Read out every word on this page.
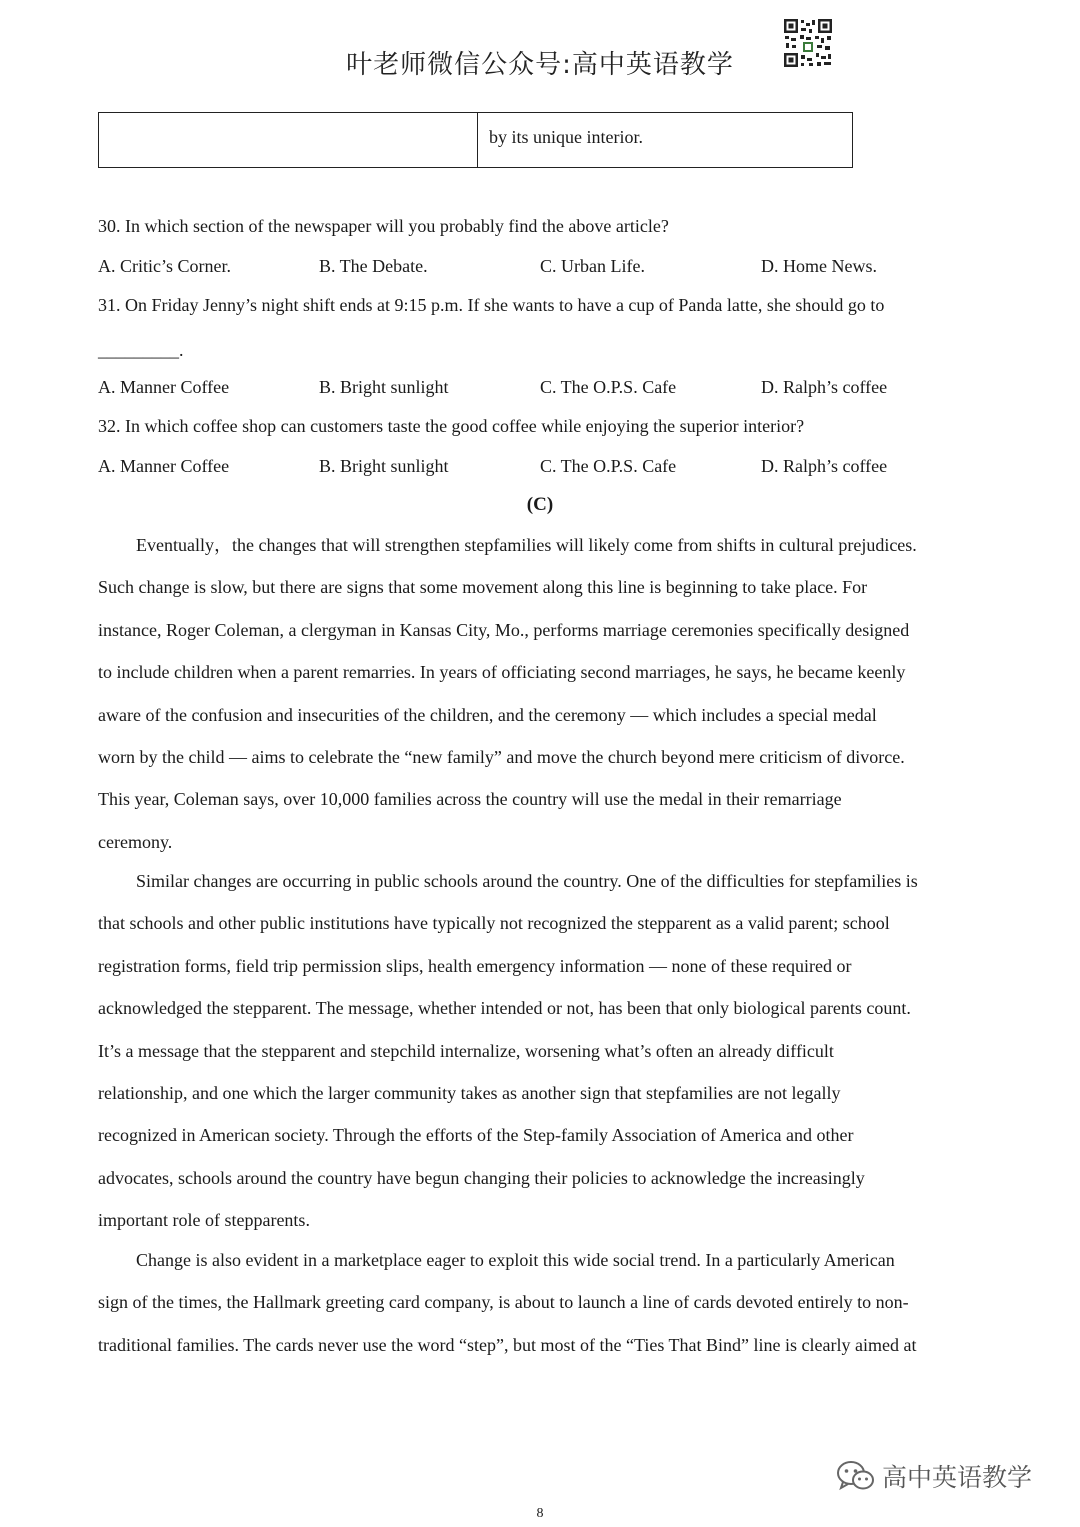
叶老师微信公众号:高中英语教学
by its unique interior.
30. In which section of the newspaper will you probably find the above article?
A. Critic’s Corner.	B. The Debate.	C. Urban Life.	D. Home News.
31. On Friday Jenny’s night shift ends at 9:15 p.m. If she wants to have a cup of Panda latte, she should go to
_________.
A. Manner Coffee	B. Bright sunlight	C. The O.P.S. Cafe	D. Ralph’s coffee
32. In which coffee shop can customers taste the good coffee while enjoying the superior interior?
A. Manner Coffee	B. Bright sunlight	C. The O.P.S. Cafe	D. Ralph’s coffee
(C)
Eventually，the changes that will strengthen stepfamilies will likely come from shifts in cultural prejudices.
Such change is slow, but there are signs that some movement along this line is beginning to take place. For
instance, Roger Coleman, a clergyman in Kansas City, Mo., performs marriage ceremonies specifically designed
to include children when a parent remarries. In years of officiating second marriages, he says, he became keenly
aware of the confusion and insecurities of the children, and the ceremony — which includes a special medal
worn by the child — aims to celebrate the “new family” and move the church beyond mere criticism of divorce.
This year, Coleman says, over 10,000 families across the country will use the medal in their remarriage
ceremony.
Similar changes are occurring in public schools around the country. One of the difficulties for stepfamilies is
that schools and other public institutions have typically not recognized the stepparent as a valid parent; school
registration forms, field trip permission slips, health emergency information — none of these required or
acknowledged the stepparent. The message, whether intended or not, has been that only biological parents count.
It’s a message that the stepparent and stepchild internalize, worsening what’s often an already difficult
relationship, and one which the larger community takes as another sign that stepfamilies are not legally
recognized in American society. Through the efforts of the Step-family Association of America and other
advocates, schools around the country have begun changing their policies to acknowledge the increasingly
important role of stepparents.
Change is also evident in a marketplace eager to exploit this wide social trend. In a particularly American
sign of the times, the Hallmark greeting card company, is about to launch a line of cards devoted entirely to non-
traditional families. The cards never use the word “step”, but most of the “Ties That Bind” line is clearly aimed at
高中英语教学
8
